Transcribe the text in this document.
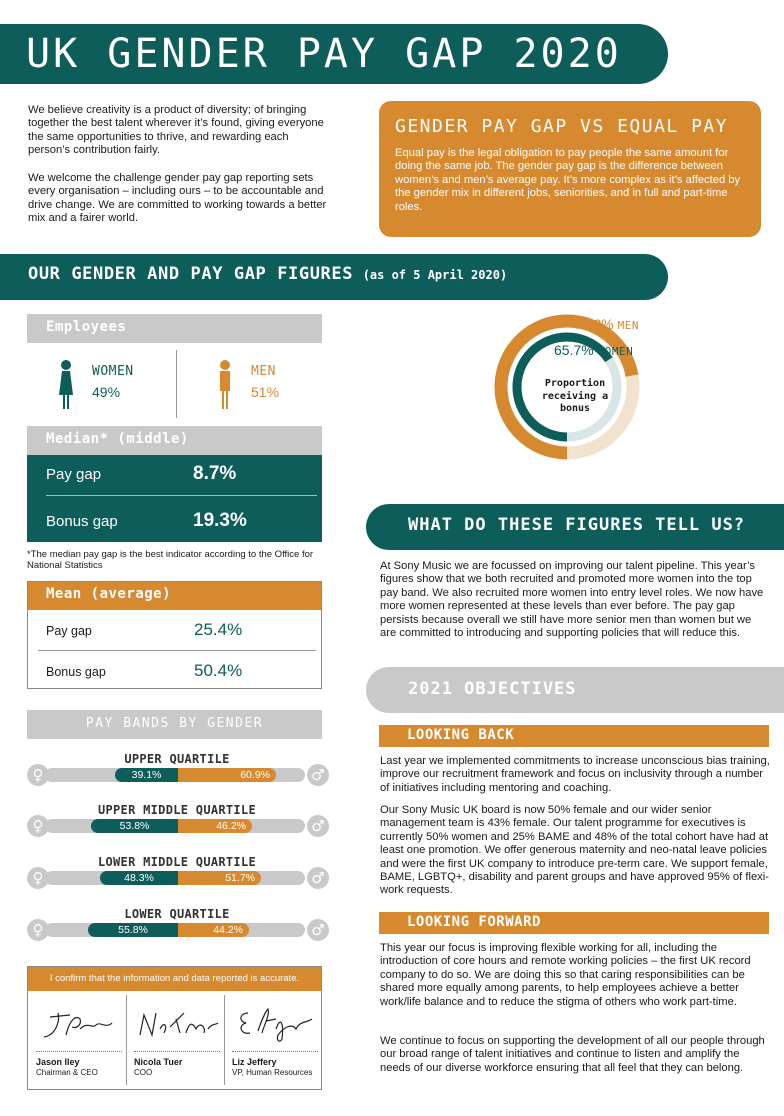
UK GENDER PAY GAP 2020

We believe creativity is a product of diversity; of bringing together the best talent wherever it’s found, giving everyone the same opportunities to thrive, and rewarding each person’s contribution fairly.

We welcome the challenge gender pay gap reporting sets every organisation – including ours – to be accountable and drive change. We are committed to working towards a better mix and a fairer world.

GENDER PAY GAP VS EQUAL PAY

Equal pay is the legal obligation to pay people the same amount for doing the same job. The gender pay gap is the difference between women’s and men’s average pay. It’s more complex as it’s affected by the gender mix in different jobs, seniorities, and in full and part-time roles.

OUR GENDER AND PAY GAP FIGURES (as of 5 April 2020)
Employees
WOMEN
49%
MEN
51%
Median* (middle)
Pay gap	8.7%
Bonus gap	19.3%

*The median pay gap is the best indicator according to the Office for National Statistics

Mean (average)
Pay gap	25.4%
Bonus gap	50.4%
PAY BANDS BY GENDER
UPPER QUARTILE
♀	♂
39.1%	60.9%
UPPER MIDDLE QUARTILE
♀	♂
53.8%	46.2%
LOWER MIDDLE QUARTILE
♀	♂
48.3%	51.7%
LOWER QUARTILE
♀	♂
55.8%	44.2%
I confirm that the information and data reported is accurate.
Jason Iley
Chairman & CEO
Nicola Tuer
COO
Liz Jeffery
VP, Human Resources
72.2% MEN
65.7% WOMEN
Proportion receiving a bonus
WHAT DO THESE FIGURES TELL US?

At Sony Music we are focussed on improving our talent pipeline. This year’s figures show that we both recruited and promoted more women into the top pay band. We also recruited more women into entry level roles. We now have more women represented at these levels than ever before. The pay gap persists because overall we still have more senior men than women but we are committed to introducing and supporting policies that will reduce this.

2021 OBJECTIVES
LOOKING BACK

Last year we implemented commitments to increase unconscious bias training, improve our recruitment framework and focus on inclusivity through a number of initiatives including mentoring and coaching.

Our Sony Music UK board is now 50% female and our wider senior management team is 43% female. Our talent programme for executives is currently 50% women and 25% BAME and 48% of the total cohort have had at least one promotion. We offer generous maternity and neo-natal leave policies and were the first UK company to introduce pre-term care. We support female, BAME, LGBTQ+, disability and parent groups and have approved 95% of flexi-work requests.

LOOKING FORWARD

This year our focus is improving flexible working for all, including the introduction of core hours and remote working policies – the first UK record company to do so. We are doing this so that caring responsibilities can be shared more equally among parents, to help employees achieve a better work/life balance and to reduce the stigma of others who work part-time.

We continue to focus on supporting the development of all our people through our broad range of talent initiatives and continue to listen and amplify the needs of our diverse workforce ensuring that all feel that they can belong.
